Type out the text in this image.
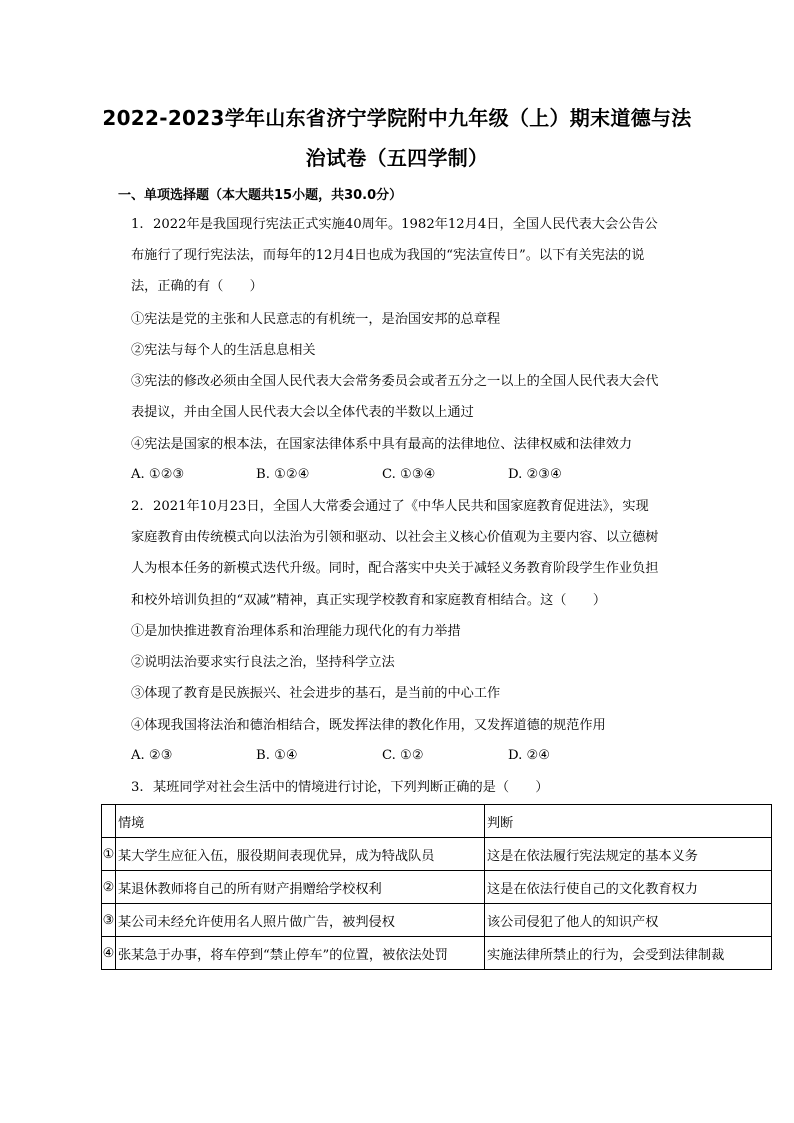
2022-2023学年山东省济宁学院附中九年级（上）期末道德与法
治试卷（五四学制）
一、单项选择题（本大题共15小题，共30.0分）
1. 2022年是我国现行宪法正式实施40周年。1982年12月4日，全国人民代表大会公告公
布施行了现行宪法法，而每年的12月4日也成为我国的“宪法宣传日”。以下有关宪法的说
法，正确的有（　　）
①宪法是党的主张和人民意志的有机统一，是治国安邦的总章程
②宪法与每个人的生活息息相关
③宪法的修改必须由全国人民代表大会常务委员会或者五分之一以上的全国人民代表大会代
表提议，并由全国人民代表大会以全体代表的半数以上通过
④宪法是国家的根本法，在国家法律体系中具有最高的法律地位、法律权威和法律效力
A. ①②③	B. ①②④	C. ①③④	D. ②③④
2. 2021年10月23日，全国人大常委会通过了《中华人民共和国家庭教育促进法》，实现
家庭教育由传统模式向以法治为引领和驱动、以社会主义核心价值观为主要内容、以立德树
人为根本任务的新模式迭代升级。同时，配合落实中央关于减轻义务教育阶段学生作业负担
和校外培训负担的“双减”精神，真正实现学校教育和家庭教育相结合。这（　　）
①是加快推进教育治理体系和治理能力现代化的有力举措
②说明法治要求实行良法之治，坚持科学立法
③体现了教育是民族振兴、社会进步的基石，是当前的中心工作
④体现我国将法治和德治相结合，既发挥法律的教化作用，又发挥道德的规范作用
A. ②③	B. ①④	C. ①②	D. ②④
3. 某班同学对社会生活中的情境进行讨论，下列判断正确的是（　　）
	情境	判断
①	某大学生应征入伍，服役期间表现优异，成为特战队员	这是在依法履行宪法规定的基本义务
②	某退休教师将自己的所有财产捐赠给学校权利	这是在依法行使自己的文化教育权力
③	某公司未经允许使用名人照片做广告，被判侵权	该公司侵犯了他人的知识产权
④	张某急于办事，将车停到“禁止停车”的位置，被依法处罚	实施法律所禁止的行为，会受到法律制裁
